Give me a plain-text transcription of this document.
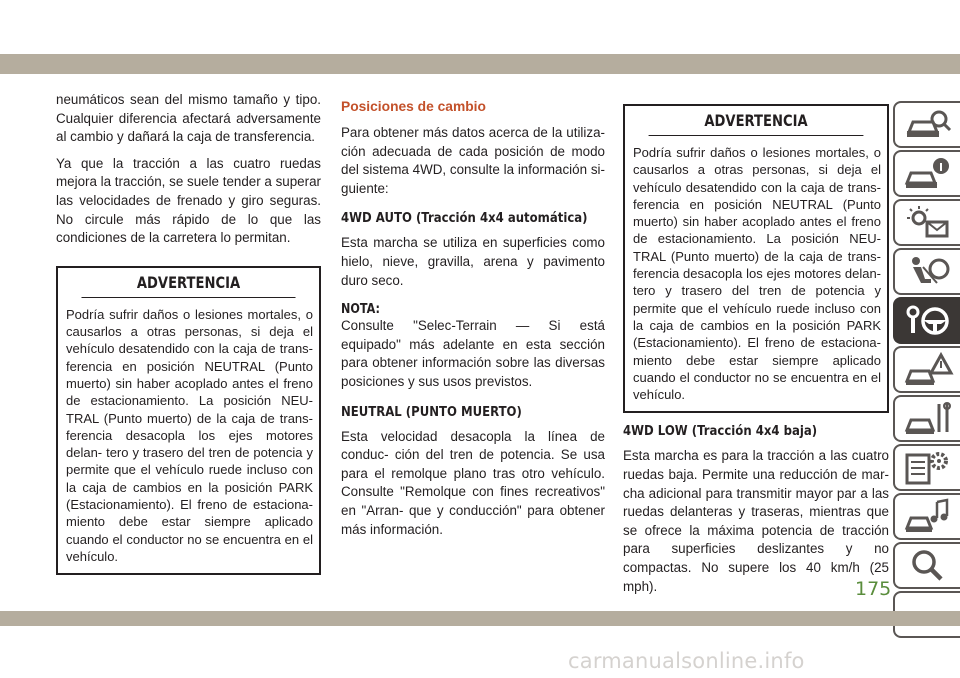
neumáticos sean del mismo tamaño y tipo. Cualquier diferencia afectará adversamente al cambio y dañará la caja de transferencia.

Ya que la tracción a las cuatro ruedas mejora la tracción, se suele tender a superar las velocidades de frenado y giro seguras. No circule más rápido de lo que las condiciones de la carretera lo permitan.

ADVERTENCIA

Podría sufrir daños o lesiones mortales, o causarlos a otras personas, si deja el vehículo desatendido con la caja de trans- ferencia en posición NEUTRAL (Punto muerto) sin haber acoplado antes el freno de estacionamiento. La posición NEU- TRAL (Punto muerto) de la caja de trans- ferencia desacopla los ejes motores delan- tero y trasero del tren de potencia y permite que el vehículo ruede incluso con la caja de cambios en la posición PARK (Estacionamiento). El freno de estaciona- miento debe estar siempre aplicado cuando el conductor no se encuentra en el vehículo.

Posiciones de cambio

Para obtener más datos acerca de la utiliza- ción adecuada de cada posición de modo del sistema 4WD, consulte la información si- guiente:

4WD AUTO (Tracción 4x4 automática)

Esta marcha se utiliza en superficies como hielo, nieve, gravilla, arena y pavimento duro seco.

NOTA:

Consulte "Selec-Terrain — Si está equipado" más adelante en esta sección para obtener información sobre las diversas posiciones y sus usos previstos.

NEUTRAL (PUNTO MUERTO)

Esta velocidad desacopla la línea de conduc- ción del tren de potencia. Se usa para el remolque plano tras otro vehículo. Consulte "Remolque con fines recreativos" en "Arran- que y conducción" para obtener más información.

ADVERTENCIA

Podría sufrir daños o lesiones mortales, o causarlos a otras personas, si deja el vehículo desatendido con la caja de trans- ferencia en posición NEUTRAL (Punto muerto) sin haber acoplado antes el freno de estacionamiento. La posición NEU- TRAL (Punto muerto) de la caja de trans- ferencia desacopla los ejes motores delan- tero y trasero del tren de potencia y permite que el vehículo ruede incluso con la caja de cambios en la posición PARK (Estacionamiento). El freno de estaciona- miento debe estar siempre aplicado cuando el conductor no se encuentra en el vehículo.

4WD LOW (Tracción 4x4 baja)

Esta marcha es para la tracción a las cuatro ruedas baja. Permite una reducción de mar- cha adicional para transmitir mayor par a las ruedas delanteras y traseras, mientras que se ofrece la máxima potencia de tracción para superficies deslizantes y no compactas. No supere los 40 km/h (25 mph).	175
carmanualsonline.info
